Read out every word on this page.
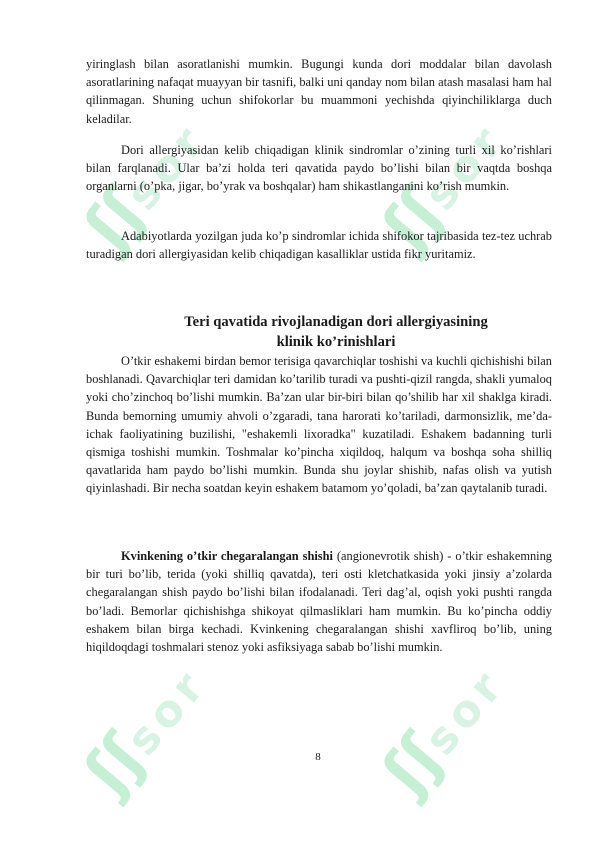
ʃʃsor ʃʃsor
ʃʃsor ʃʃsor

yiringlash bilan asoratlanishi mumkin. Bugungi kunda dori moddalar bilan davolash asoratlarining nafaqat muayyan bir tasnifi, balki uni qanday nom bilan atash masalasi ham hal qilinmagan. Shuning uchun shifokorlar bu muammoni yechishda qiyinchiliklarga duch keladilar.

Dori allergiyasidan kelib chiqadigan klinik sindromlar o’zining turli xil ko’rishlari bilan farqlanadi. Ular ba’zi holda teri qavatida paydo bo’lishi bilan bir vaqtda boshqa organlarni (o’pka, jigar, bo’yrak va boshqalar) ham shikastlanganini ko’rish mumkin.

Adabiyotlarda yozilgan juda ko’p sindromlar ichida shifokor tajribasida tez-tez uchrab turadigan dori allergiyasidan kelib chiqadigan kasalliklar ustida fikr yuritamiz.

Teri qavatida rivojlanadigan dori allergiyasining
klinik ko’rinishlari

O’tkir eshakemi birdan bemor terisiga qavarchiqlar toshishi va kuchli qichishishi bilan boshlanadi. Qavarchiqlar teri damidan ko’tarilib turadi va pushti-qizil rangda, shakli yumaloq yoki cho’zinchoq bo’lishi mumkin. Ba’zan ular bir-biri bilan qo’shilib har xil shaklga kiradi. Bunda bemorning umumiy ahvoli o’zgaradi, tana harorati ko’tariladi, darmonsizlik, me’da-ichak faoliyatining buzilishi, "eshakemli lixoradka" kuzatiladi. Eshakem badanning turli qismiga toshishi mumkin. Toshmalar ko’pincha xiqildoq, halqum va boshqa soha shilliq qavatlarida ham paydo bo’lishi mumkin. Bunda shu joylar shishib, nafas olish va yutish qiyinlashadi. Bir necha soatdan keyin eshakem batamom yo’qoladi, ba’zan qaytalanib turadi.

Kvinkening o’tkir chegaralangan shishi (angionevrotik shish) - o’tkir eshakemning bir turi bo’lib, terida (yoki shilliq qavatda), teri osti kletchatkasida yoki jinsiy a’zolarda chegaralangan shish paydo bo’lishi bilan ifodalanadi. Teri dag’al, oqish yoki pushti rangda bo’ladi. Bemorlar qichishishga shikoyat qilmasliklari ham mumkin. Bu ko’pincha oddiy eshakem bilan birga kechadi. Kvinkening chegaralangan shishi xavfliroq bo’lib, uning hiqildoqdagi toshmalari stenoz yoki asfiksiyaga sabab bo’lishi mumkin.

8
